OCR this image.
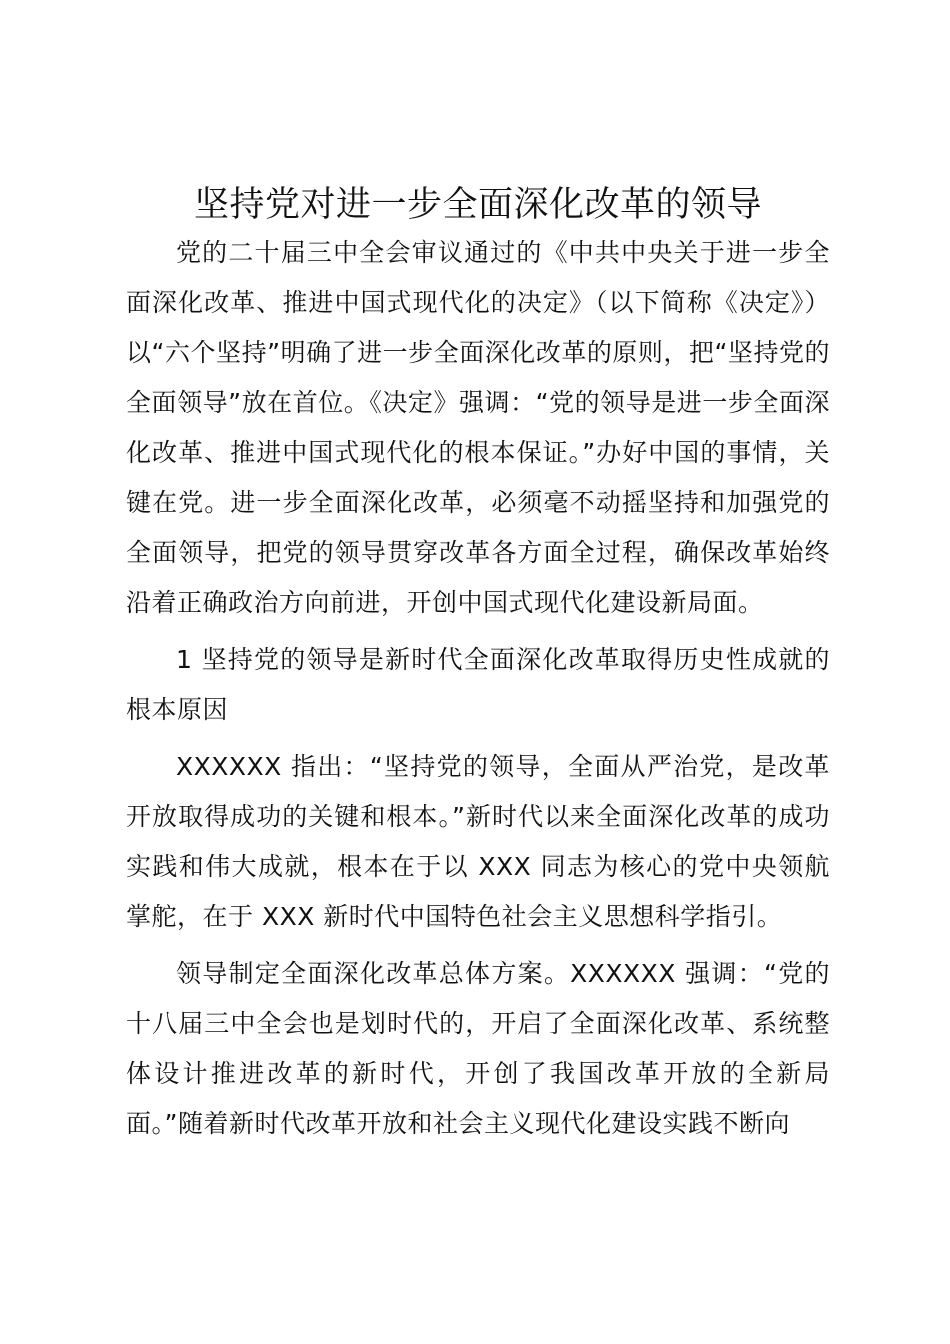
坚持党对进一步全面深化改革的领导

党的二十届三中全会审议通过的《中共中央关于进一步全面深化改革、推进中国式现代化的决定》（以下简称《决定》）以“六个坚持”明确了进一步全面深化改革的原则，把“坚持党的全面领导”放在首位。《决定》强调：“党的领导是进一步全面深化改革、推进中国式现代化的根本保证。”办好中国的事情，关键在党。进一步全面深化改革，必须毫不动摇坚持和加强党的全面领导，把党的领导贯穿改革各方面全过程，确保改革始终沿着正确政治方向前进，开创中国式现代化建设新局面。

1 坚持党的领导是新时代全面深化改革取得历史性成就的根本原因

XXXXXX 指出：“坚持党的领导，全面从严治党，是改革开放取得成功的关键和根本。”新时代以来全面深化改革的成功实践和伟大成就，根本在于以 XXX 同志为核心的党中央领航掌舵，在于 XXX 新时代中国特色社会主义思想科学指引。

领导制定全面深化改革总体方案。XXXXXX 强调：“党的十八届三中全会也是划时代的，开启了全面深化改革、系统整体设计推进改革的新时代，开创了我国改革开放的全新局面。”随着新时代改革开放和社会主义现代化建设实践不断向
